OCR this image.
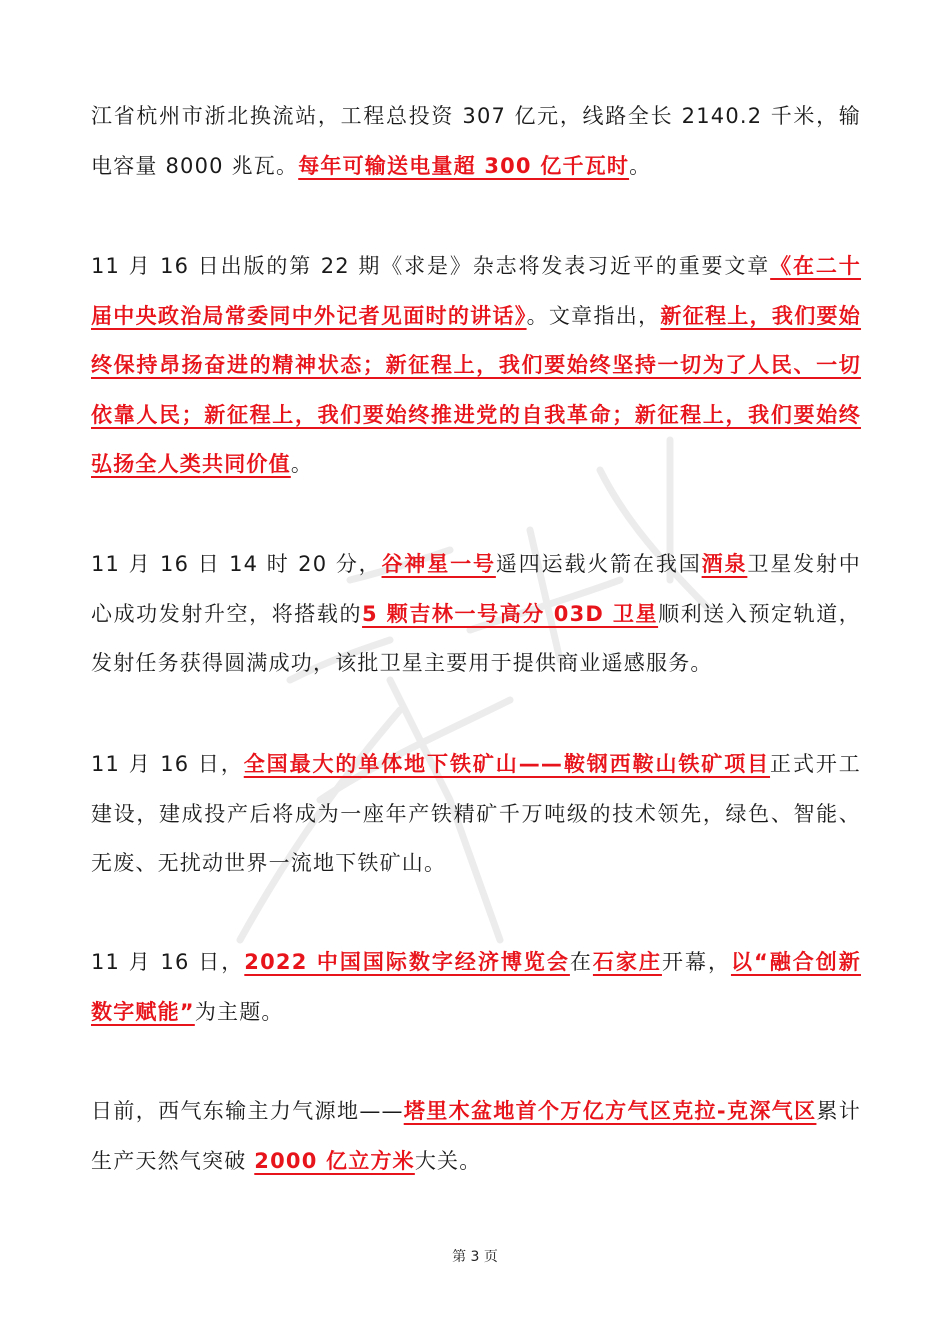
江省杭州市浙北换流站，工程总投资 307 亿元，线路全长 2140.2 千米，输电容量 8000 兆瓦。每年可输送电量超 300 亿千瓦时。

11 月 16 日出版的第 22 期《求是》杂志将发表习近平的重要文章《在二十届中央政治局常委同中外记者见面时的讲话》。文章指出，新征程上，我们要始终保持昂扬奋进的精神状态；新征程上，我们要始终坚持一切为了人民、一切依靠人民；新征程上，我们要始终推进党的自我革命；新征程上，我们要始终弘扬全人类共同价值。

11 月 16 日 14 时 20 分，谷神星一号遥四运载火箭在我国酒泉卫星发射中心成功发射升空，将搭载的5 颗吉林一号高分 03D 卫星顺利送入预定轨道，发射任务获得圆满成功，该批卫星主要用于提供商业遥感服务。

11 月 16 日，全国最大的单体地下铁矿山——鞍钢西鞍山铁矿项目正式开工建设，建成投产后将成为一座年产铁精矿千万吨级的技术领先，绿色、智能、无废、无扰动世界一流地下铁矿山。

11 月 16 日，2022 中国国际数字经济博览会在石家庄开幕，以“融合创新 数字赋能”为主题。

日前，西气东输主力气源地——塔里木盆地首个万亿方气区克拉-克深气区累计生产天然气突破 2000 亿立方米大关。

第 3 页
